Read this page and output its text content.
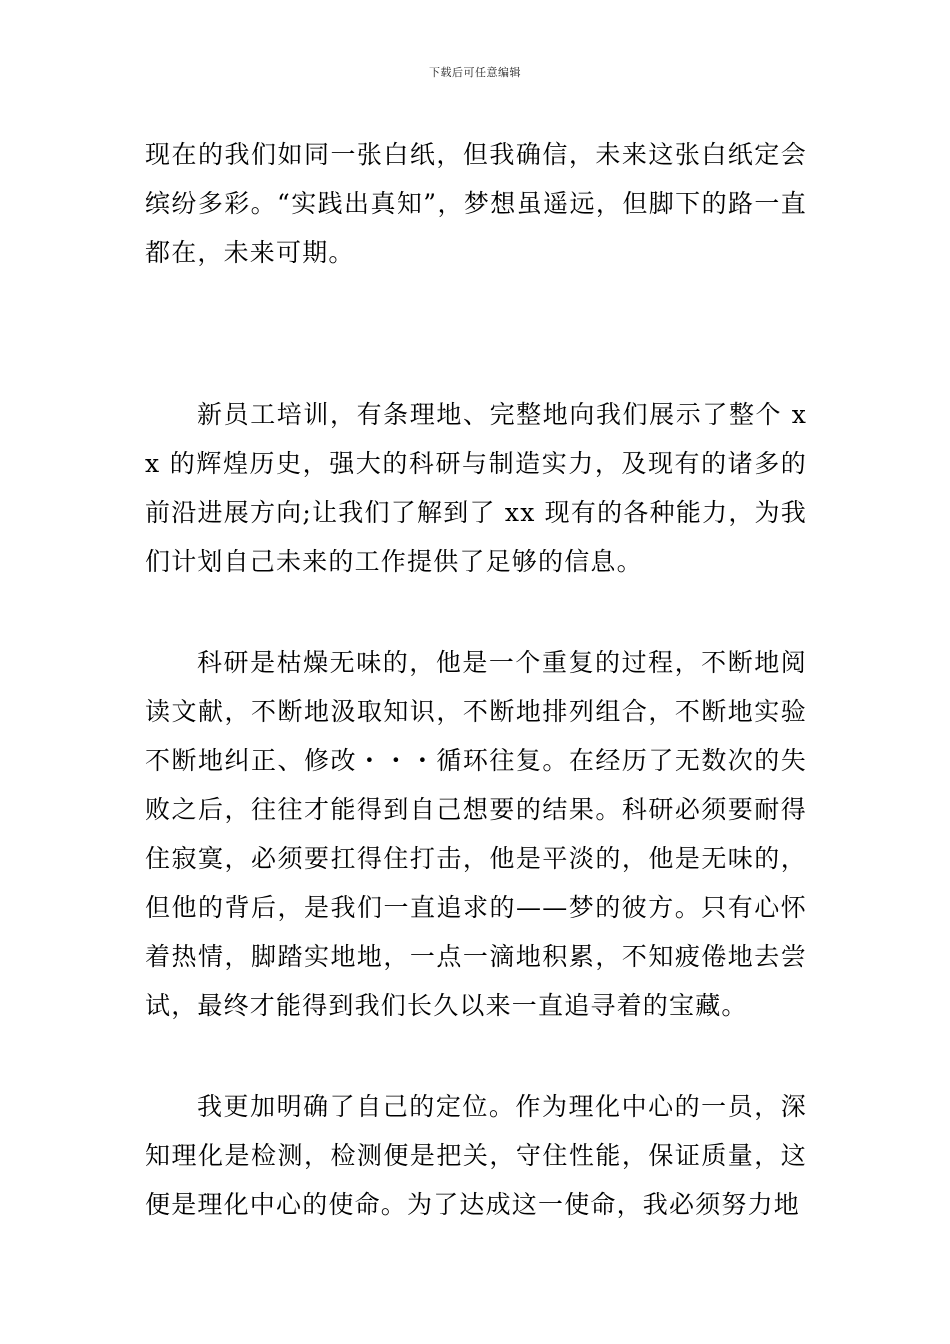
下载后可任意编辑

现在的我们如同一张白纸，但我确信，未来这张白纸定会缤纷多彩。“实践出真知”，梦想虽遥远，但脚下的路一直都在，未来可期。

新员工培训，有条理地、完整地向我们展示了整个 xx 的辉煌历史，强大的科研与制造实力，及现有的诸多的前沿进展方向;让我们了解到了 xx 现有的各种能力，为我们计划自己未来的工作提供了足够的信息。

科研是枯燥无味的，他是一个重复的过程，不断地阅读文献，不断地汲取知识，不断地排列组合，不断地实验不断地纠正、修改・・・循环往复。在经历了无数次的失败之后，往往才能得到自己想要的结果。科研必须要耐得住寂寞，必须要扛得住打击，他是平淡的，他是无味的，但他的背后，是我们一直追求的——梦的彼方。只有心怀着热情，脚踏实地地，一点一滴地积累，不知疲倦地去尝试，最终才能得到我们长久以来一直追寻着的宝藏。

我更加明确了自己的定位。作为理化中心的一员，深知理化是检测，检测便是把关，守住性能，保证质量，这便是理化中心的使命。为了达成这一使命，我必须努力地
